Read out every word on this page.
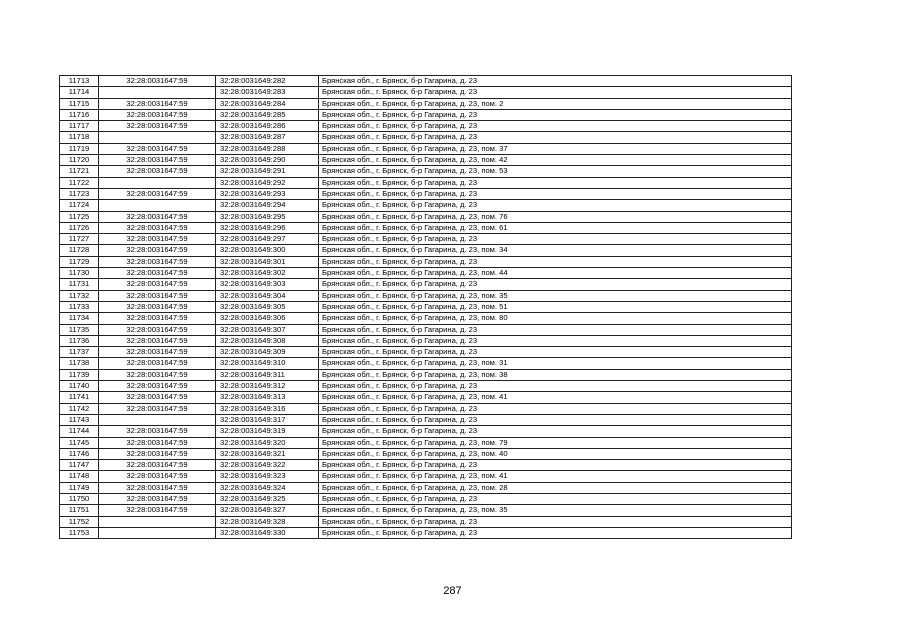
11713	32:28:0031647:59	32:28:0031649:282	Брянская обл., г. Брянск, б-р Гагарина, д. 23
11714		32:28:0031649:283	Брянская обл., г. Брянск, б-р Гагарина, д. 23
11715	32:28:0031647:59	32:28:0031649:284	Брянская обл., г. Брянск, б-р Гагарина, д. 23, пом. 2
11716	32:28:0031647:59	32:28:0031649:285	Брянская обл., г. Брянск, б-р Гагарина, д. 23
11717	32:28:0031647:59	32:28:0031649:286	Брянская обл., г. Брянск, б-р Гагарина, д. 23
11718		32:28:0031649:287	Брянская обл., г. Брянск, б-р Гагарина, д. 23
11719	32:28:0031647:59	32:28:0031649:288	Брянская обл., г. Брянск, б-р Гагарина, д. 23, пом. 37
11720	32:28:0031647:59	32:28:0031649:290	Брянская обл., г. Брянск, б-р Гагарина, д. 23, пом. 42
11721	32:28:0031647:59	32:28:0031649:291	Брянская обл., г. Брянск, б-р Гагарина, д. 23, пом. 53
11722		32:28:0031649:292	Брянская обл., г. Брянск, б-р Гагарина, д. 23
11723	32:28:0031647:59	32:28:0031649:293	Брянская обл., г. Брянск, б-р Гагарина, д. 23
11724		32:28:0031649:294	Брянская обл., г. Брянск, б-р Гагарина, д. 23
11725	32:28:0031647:59	32:28:0031649:295	Брянская обл., г. Брянск, б-р Гагарина, д. 23, пом. 76
11726	32:28:0031647:59	32:28:0031649:296	Брянская обл., г. Брянск, б-р Гагарина, д. 23, пом. 61
11727	32:28:0031647:59	32:28:0031649:297	Брянская обл., г. Брянск, б-р Гагарина, д. 23
11728	32:28:0031647:59	32:28:0031649:300	Брянская обл., г. Брянск, б-р Гагарина, д. 23, пом. 34
11729	32:28:0031647:59	32:28:0031649:301	Брянская обл., г. Брянск, б-р Гагарина, д. 23
11730	32:28:0031647:59	32:28:0031649:302	Брянская обл., г. Брянск, б-р Гагарина, д. 23, пом. 44
11731	32:28:0031647:59	32:28:0031649:303	Брянская обл., г. Брянск, б-р Гагарина, д. 23
11732	32:28:0031647:59	32:28:0031649:304	Брянская обл., г. Брянск, б-р Гагарина, д. 23, пом. 35
11733	32:28:0031647:59	32:28:0031649:305	Брянская обл., г. Брянск, б-р Гагарина, д. 23, пом. 51
11734	32:28:0031647:59	32:28:0031649:306	Брянская обл., г. Брянск, б-р Гагарина, д. 23, пом. 80
11735	32:28:0031647:59	32:28:0031649:307	Брянская обл., г. Брянск, б-р Гагарина, д. 23
11736	32:28:0031647:59	32:28:0031649:308	Брянская обл., г. Брянск, б-р Гагарина, д. 23
11737	32:28:0031647:59	32:28:0031649:309	Брянская обл., г. Брянск, б-р Гагарина, д. 23
11738	32:28:0031647:59	32:28:0031649:310	Брянская обл., г. Брянск, б-р Гагарина, д. 23, пом. 31
11739	32:28:0031647:59	32:28:0031649:311	Брянская обл., г. Брянск, б-р Гагарина, д. 23, пом. 38
11740	32:28:0031647:59	32:28:0031649:312	Брянская обл., г. Брянск, б-р Гагарина, д. 23
11741	32:28:0031647:59	32:28:0031649:313	Брянская обл., г. Брянск, б-р Гагарина, д. 23, пом. 41
11742	32:28:0031647:59	32:28:0031649:316	Брянская обл., г. Брянск, б-р Гагарина, д. 23
11743		32:28:0031649:317	Брянская обл., г. Брянск, б-р Гагарина, д. 23
11744	32:28:0031647:59	32:28:0031649:319	Брянская обл., г. Брянск, б-р Гагарина, д. 23
11745	32:28:0031647:59	32:28:0031649:320	Брянская обл., г. Брянск, б-р Гагарина, д. 23, пом. 79
11746	32:28:0031647:59	32:28:0031649:321	Брянская обл., г. Брянск, б-р Гагарина, д. 23, пом. 40
11747	32:28:0031647:59	32:28:0031649:322	Брянская обл., г. Брянск, б-р Гагарина, д. 23
11748	32:28:0031647:59	32:28:0031649:323	Брянская обл., г. Брянск, б-р Гагарина, д. 23, пом. 41
11749	32:28:0031647:59	32:28:0031649:324	Брянская обл., г. Брянск, б-р Гагарина, д. 23, пом. 28
11750	32:28:0031647:59	32:28:0031649:325	Брянская обл., г. Брянск, б-р Гагарина, д. 23
11751	32:28:0031647:59	32:28:0031649:327	Брянская обл., г. Брянск, б-р Гагарина, д. 23, пом. 35
11752		32:28:0031649:328	Брянская обл., г. Брянск, б-р Гагарина, д. 23
11753		32:28:0031649:330	Брянская обл., г. Брянск, б-р Гагарина, д. 23
287
